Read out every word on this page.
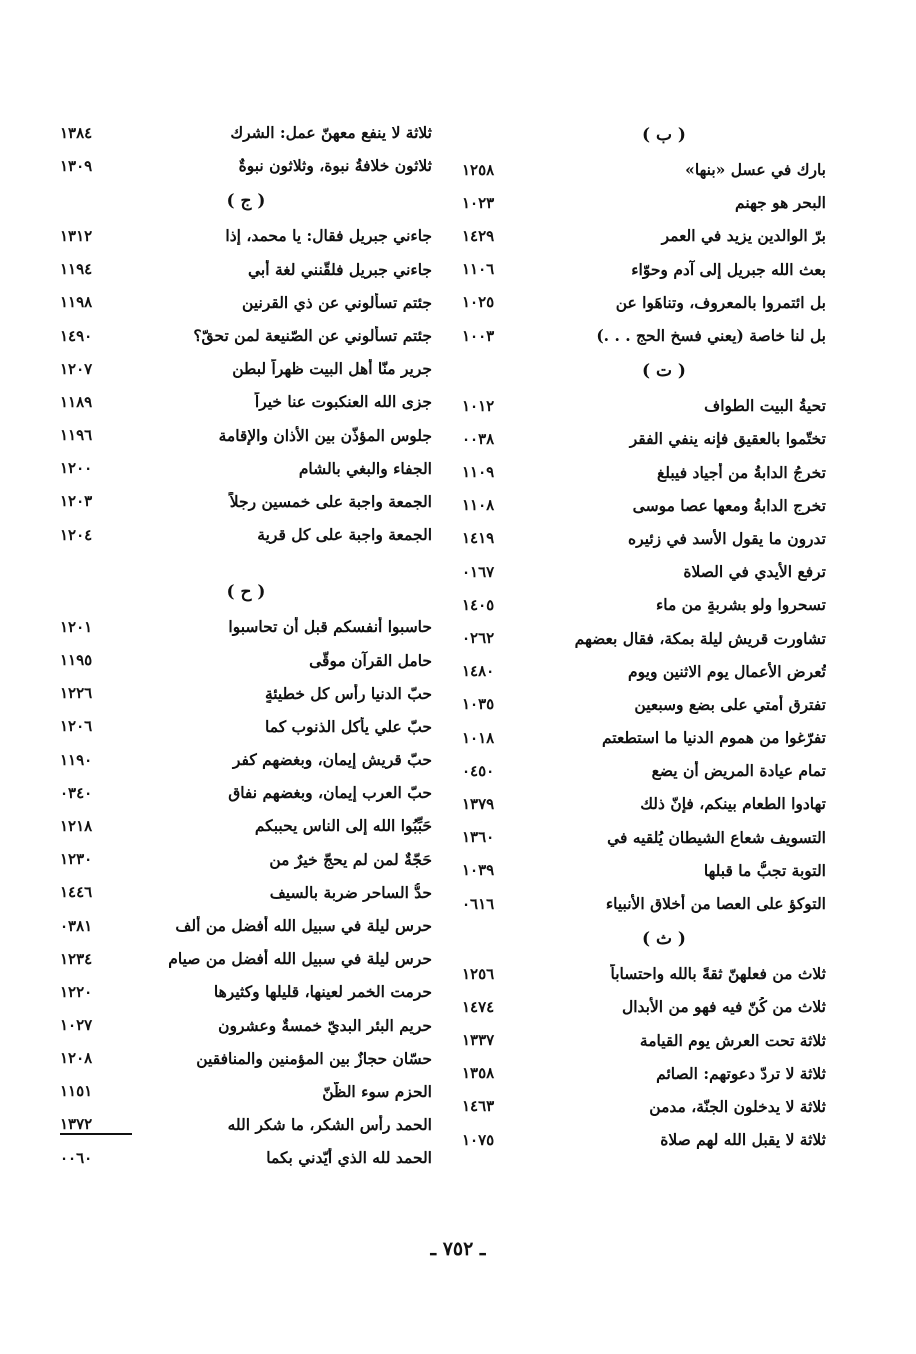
( ب )
١٢٥٨	بارك في عسل «بنها»
١٠٢٣	البحر هو جهنم
١٤٢٩	برّ الوالدين يزيد في العمر
١١٠٦	بعث الله جبريل إلى آدم وحوّاء
١٠٢٥	بل ائتمروا بالمعروف، وتناهَوا عن
١٠٠٣	بل لنا خاصة (يعني فسخ الحج . . .)
( ت )
١٠١٢	تحيةُ البيت الطواف
٠٠٣٨	تختّموا بالعقيق فإنه ينفي الفقر
١١٠٩	تخرجُ الدابةُ من أجياد فيبلغ
١١٠٨	تخرج الدابةُ ومعها عصا موسى
١٤١٩	تدرون ما يقول الأسد في زئيره
٠١٦٧	ترفع الأيدي في الصلاة
١٤٠٥	تسحروا ولو بشربةٍ من ماء
٠٢٦٢	تشاورت قريش ليلة بمكة، فقال بعضهم
١٤٨٠	تُعرض الأعمال يوم الاثنين ويوم
١٠٣٥	تفترق أمتي على بضعٍ وسبعين
١٠١٨	تفرّغوا من هموم الدنيا ما استطعتم
٠٤٥٠	تمام عيادة المريض أن يضع
١٣٧٩	تهادوا الطعام بينكم، فإنّ ذلك
١٣٦٠	التسويف شعاع الشيطان يُلقيه في
١٠٣٩	التوبة تجبُّ ما قبلها
٠٦١٦	التوكؤ على العصا من أخلاق الأنبياء
( ث )
١٢٥٦	ثلاث من فعلهنّ ثقةً بالله واحتساباً
١٤٧٤	ثلاث من كُنّ فيه فهو من الأبدال
١٣٣٧	ثلاثة تحت العرش يوم القيامة
١٣٥٨	ثلاثة لا تردّ دعوتهم: الصائم
١٤٦٣	ثلاثة لا يدخلون الجنّة، مدمن
١٠٧٥	ثلاثة لا يقبل الله لهم صلاة
١٣٨٤	ثلاثة لا ينفع معهنّ عمل: الشرك
١٣٠٩	ثلاثون خلافةُ نبوة، وثلاثون نبوةٌ
( ج )
١٣١٢	جاءني جبريل فقال: يا محمد، إذا
١١٩٤	جاءني جبريل فلقّنني لغة أبي
١١٩٨	جئتم تسألوني عن ذي القرنين
١٤٩٠	جئتم تسألوني عن الصّنيعة لمن تحقّ؟
١٢٠٧	جرير منّا أهل البيت ظهراً لبطنٍ
١١٨٩	جزى الله العنكبوت عنا خيراً
١١٩٦	جلوس المؤذّن بين الأذان والإقامة
١٢٠٠	الجفاء والبغي بالشام
١٢٠٣	الجمعة واجبة على خمسين رجلاً
١٢٠٤	الجمعة واجبة على كل قرية
( ح )
١٢٠١	حاسبوا أنفسكم قبل أن تحاسبوا
١١٩٥	حامل القرآن موقّى
١٢٢٦	حبّ الدنيا رأس كل خطيئةٍ
١٢٠٦	حبّ علي يأكل الذنوب كما
١١٩٠	حبّ قريش إيمان، وبغضهم كفر
٠٣٤٠	حبّ العرب إيمان، وبغضهم نفاق
١٢١٨	حَبِّبُوا الله إلى الناس يحببكم
١٢٣٠	حَجّةٌ لمن لم يحجّ خيرٌ من
١٤٤٦	حدُّ الساحر ضربة بالسيف
٠٣٨١	حرس ليلة في سبيل الله أفضل من ألف
١٢٣٤	حرس ليلة في سبيل الله أفضل من صيام
١٢٢٠	حرمت الخمر لعينها، قليلها وكثيرها
١٠٢٧	حريم البئر البديّ خمسةٌ وعشرون
١٢٠٨	حسّان حجازٌ بين المؤمنين والمنافقين
١١٥١	الحزم سوء الظّنّ
١٣٧٢	الحمد رأس الشكر، ما شكر الله
٠٠٦٠	الحمد لله الذي أيّدني بكما
ـ ٧٥٢ ـ
